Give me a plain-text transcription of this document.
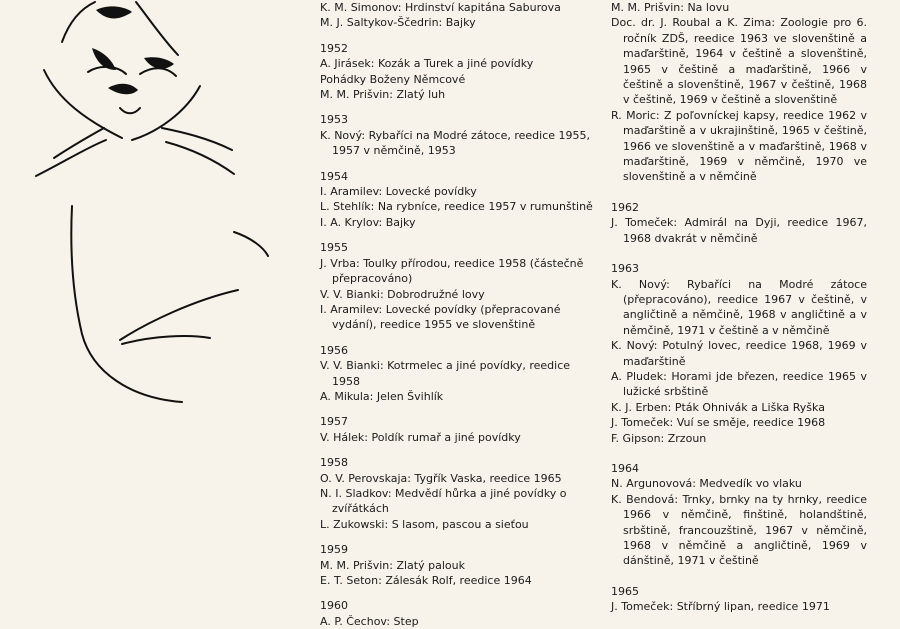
K. M. Simonov: Hrdinství kapitána Saburova
M. J. Saltykov-Ščedrin: Bajky
1952
A. Jirásek: Kozák a Turek a jiné povídky
Pohádky Boženy Němcové
M. M. Prišvin: Zlatý luh
1953
K. Nový: Rybaříci na Modré zátoce, reedice 1955, 1957 v němčině, 1953
1954
I. Aramilev: Lovecké povídky
L. Stehlík: Na rybníce, reedice 1957 v rumunštině
I. A. Krylov: Bajky
1955
J. Vrba: Toulky přírodou, reedice 1958 (částečně přepracováno)
V. V. Bianki: Dobrodružné lovy
I. Aramilev: Lovecké povídky (přepracované vydání), reedice 1955 ve slovenštině
1956
V. V. Bianki: Kotrmelec a jiné povídky, reedice 1958
A. Mikula: Jelen Švihlík
1957
V. Hálek: Poldík rumař a jiné povídky
1958
O. V. Perovskaja: Tygřík Vaska, reedice 1965
N. I. Sladkov: Medvědí hůrka a jiné povídky o zvířátkách
L. Zukowski: S lasom, pascou a sieťou
1959
M. M. Prišvin: Zlatý palouk
E. T. Seton: Zálesák Rolf, reedice 1964
1960
A. P. Čechov: Step
M. M. Prišvin: Na lovu
Doc. dr. J. Roubal a K. Zima: Zoologie pro 6. ročník ZDŠ, reedice 1963 ve slovenštině a maďarštině, 1964 v češtině a slovenštině, 1965 v češtině a maďarštině, 1966 v češtině a slovenštině, 1967 v češtině, 1968 v češtině, 1969 v češtině a slovenštině
R. Moric: Z poľovníckej kapsy, reedice 1962 v maďarštině a v ukrajinštině, 1965 v češtině, 1966 ve slovenštině a v maďarštině, 1968 v maďarštině, 1969 v němčině, 1970 ve slovenštině a v němčině
1962
J. Tomeček: Admirál na Dyji, reedice 1967, 1968 dvakrát v němčině
1963
K. Nový: Rybaříci na Modré zátoce (přepracováno), reedice 1967 v češtině, v angličtině a němčině, 1968 v angličtině a v němčině, 1971 v češtině a v němčině
K. Nový: Potulný lovec, reedice 1968, 1969 v maďarštině
A. Pludek: Horami jde březen, reedice 1965 v lužické srbštině
K. J. Erben: Pták Ohnivák a Liška Ryška
J. Tomeček: Vuí se směje, reedice 1968
F. Gipson: Zrzoun
1964
N. Argunovová: Medvedík vo vlaku
K. Bendová: Trnky, brnky na ty hrnky, reedice 1966 v němčině, finštině, holandštině, srbštině, francouzštině, 1967 v němčině, 1968 v němčině a angličtině, 1969 v dánštině, 1971 v češtině
1965
J. Tomeček: Stříbrný lipan, reedice 1971
